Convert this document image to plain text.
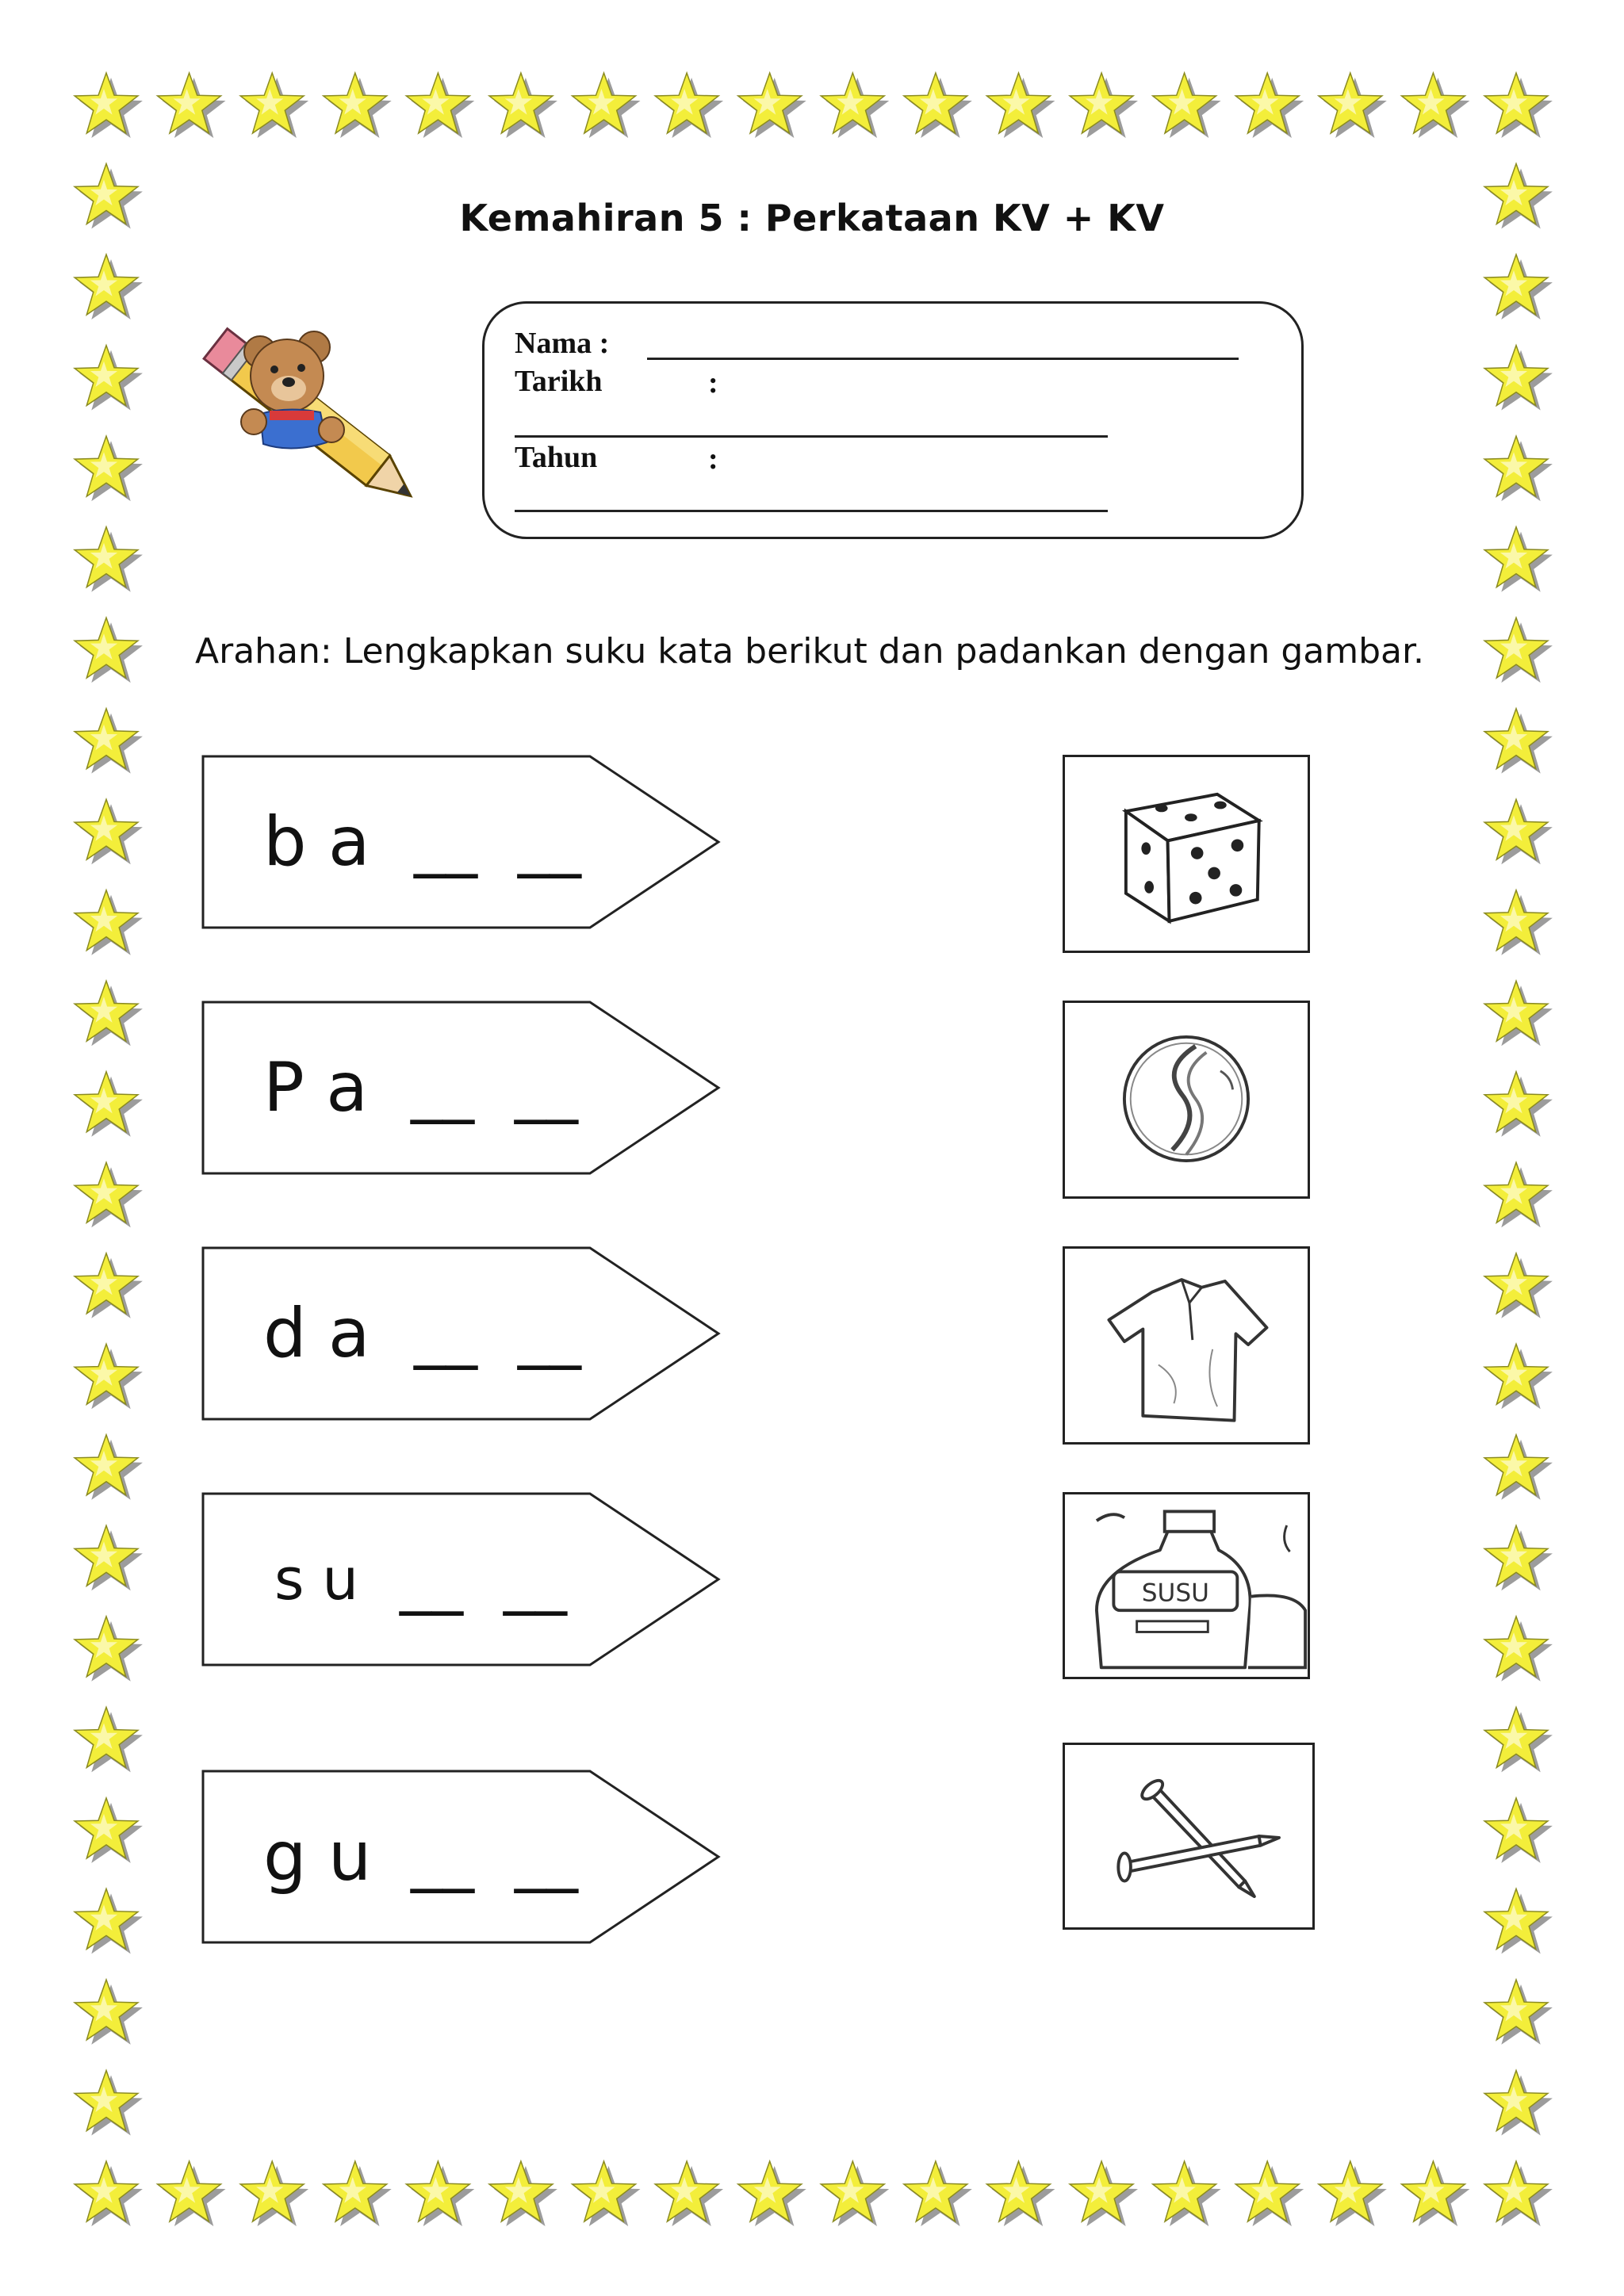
Kemahiran 5 : Perkataan KV + KV
Nama :
Tarikh	:
Tahun	:
Arahan: Lengkapkan suku kata berikut dan padankan dengan gambar.
b a __  __
P a __  __
d a __  __
s u __  __
g u __  __
SUSU
